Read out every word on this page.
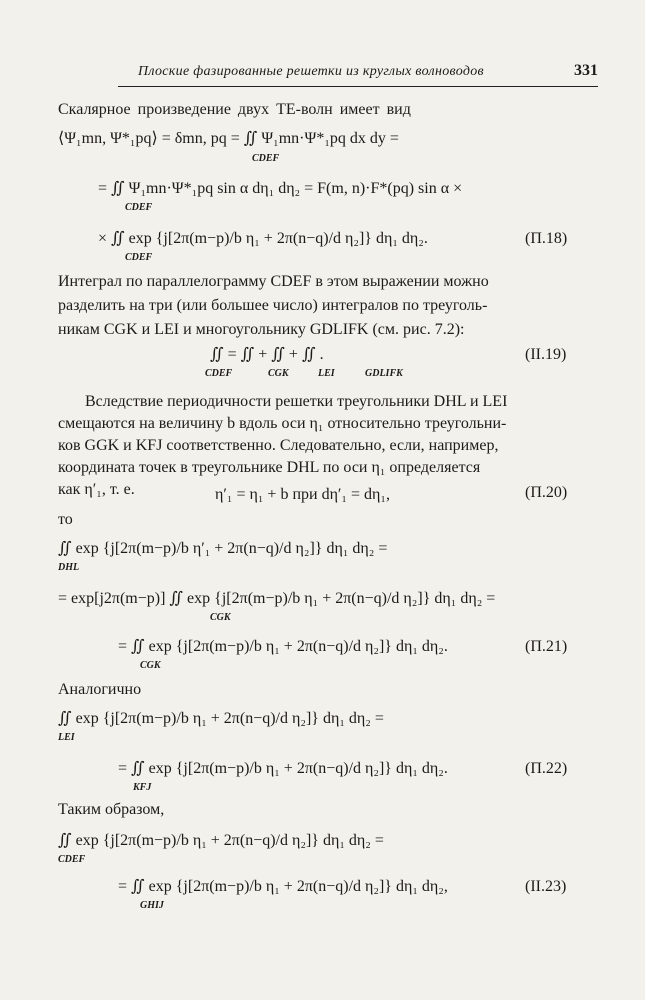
Плоские фазированные решетки из круглых волноводов	331
Скалярное произведение двух ТЕ-волн имеет вид
⟨Ψ₁mn, Ψ*₁pq⟩ = δmn, pq = ∬ Ψ₁mn·Ψ*₁pq dx dy =
CDEF
= ∬ Ψ₁mn·Ψ*₁pq sin α dη₁ dη₂ = F(m, n)·F*(pq) sin α ×
CDEF
× ∬ exp {j[2π(m−p)/b η₁ + 2π(n−q)/d η₂]} dη₁ dη₂.
CDEF
(П.18)
Интеграл по параллелограмму CDEF в этом выражении можно
разделить на три (или большее число) интегралов по треуголь-
никам CGK и LEI и многоугольнику GDLIFK (см. рис. 7.2):
∬ = ∬ + ∬ + ∬ .
CDEF	CGK	LEI	GDLIFK
(II.19)
Вследствие периодичности решетки треугольники DHL и LEI
смещаются на величину b вдоль оси η₁ относительно треугольни-
ков GGK и KFJ соответственно. Следовательно, если, например,
координата точек в треугольнике DHL по оси η₁ определяется
как η′₁, т. е.	η′₁ = η₁ + b при dη′₁ = dη₁,	(П.20)
то
∬ exp {j[2π(m−p)/b η′₁ + 2π(n−q)/d η₂]} dη₁ dη₂ =
DHL
= exp[j2π(m−p)] ∬ exp {j[2π(m−p)/b η₁ + 2π(n−q)/d η₂]} dη₁ dη₂ =
CGK
= ∬ exp {j[2π(m−p)/b η₁ + 2π(n−q)/d η₂]} dη₁ dη₂.
CGK
(П.21)
Аналогично
∬ exp {j[2π(m−p)/b η₁ + 2π(n−q)/d η₂]} dη₁ dη₂ =
LEI
= ∬ exp {j[2π(m−p)/b η₁ + 2π(n−q)/d η₂]} dη₁ dη₂.
KFJ
(П.22)
Таким образом,
∬ exp {j[2π(m−p)/b η₁ + 2π(n−q)/d η₂]} dη₁ dη₂ =
CDEF
= ∬ exp {j[2π(m−p)/b η₁ + 2π(n−q)/d η₂]} dη₁ dη₂,
GHIJ
(II.23)
